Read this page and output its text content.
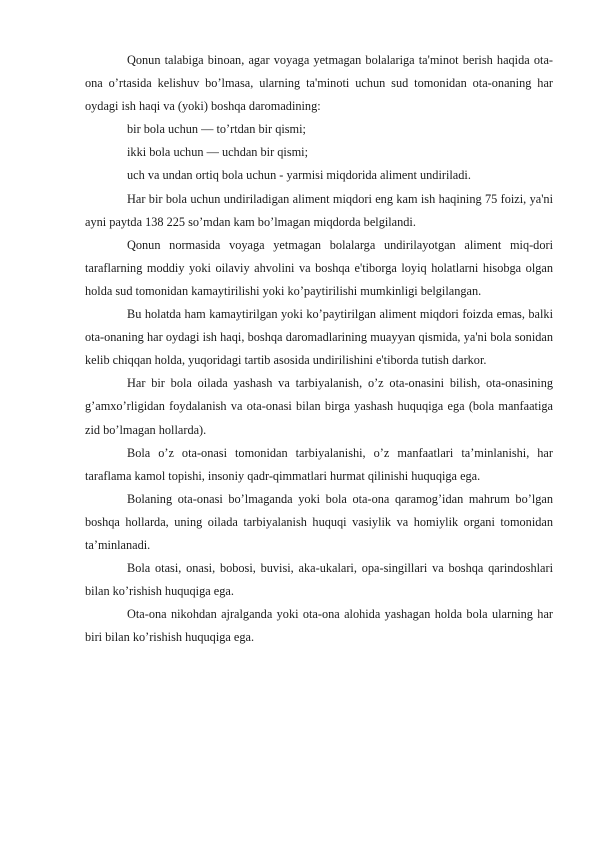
Qonun talabiga binoan, agar voyaga yetmagan bolalariga ta'minot berish haqida ota-ona o’rtasida kelishuv bo’lmasa, ularning ta'minoti uchun sud tomonidan ota-onaning har oydagi ish haqi va (yoki) boshqa daromadining:

bir bola uchun — to’rtdan bir qismi;

ikki bola uchun — uchdan bir qismi;

uch va undan ortiq bola uchun - yarmisi miqdorida aliment undiriladi.

Har bir bola uchun undiriladigan aliment miqdori eng kam ish haqining 75 foizi, ya'ni ayni paytda 138 225 so’mdan kam bo’lmagan miqdorda belgilandi.

Qonun normasida voyaga yetmagan bolalarga undirilayotgan aliment miq-dori taraflarning moddiy yoki oilaviy ahvolini va boshqa e'tiborga loyiq holatlarni hisobga olgan holda sud tomonidan kamaytirilishi yoki ko’paytirilishi mumkinligi belgilangan.

Bu holatda ham kamaytirilgan yoki ko’paytirilgan aliment miqdori foizda emas, balki ota-onaning har oydagi ish haqi, boshqa daromadlarining muayyan qismida, ya'ni bola sonidan kelib chiqqan holda, yuqoridagi tartib asosida undirilishini e'tiborda tutish darkor.

Har bir bola oilada yashash va tarbiyalanish, o’z ota-onasini bilish, ota-onasining g’amxo’rligidan foydalanish va ota-onasi bilan birga yashash huquqiga ega (bola manfaatiga zid bo’lmagan hollarda).

Bola o’z ota-onasi tomonidan tarbiyalanishi, o’z manfaatlari ta’minlanishi, har taraflama kamol topishi, insoniy qadr-qimmatlari hurmat qilinishi huquqiga ega.

Bolaning ota-onasi bo’lmaganda yoki bola ota-ona qaramog’idan mahrum bo’lgan boshqa hollarda, uning oilada tarbiyalanish huquqi vasiylik va homiylik organi tomonidan ta’minlanadi.

Bola otasi, onasi, bobosi, buvisi, aka-ukalari, opa-singillari va boshqa qarindoshlari bilan ko’rishish huquqiga ega.

Ota-ona nikohdan ajralganda yoki ota-ona alohida yashagan holda bola ularning har biri bilan ko’rishish huquqiga ega.
